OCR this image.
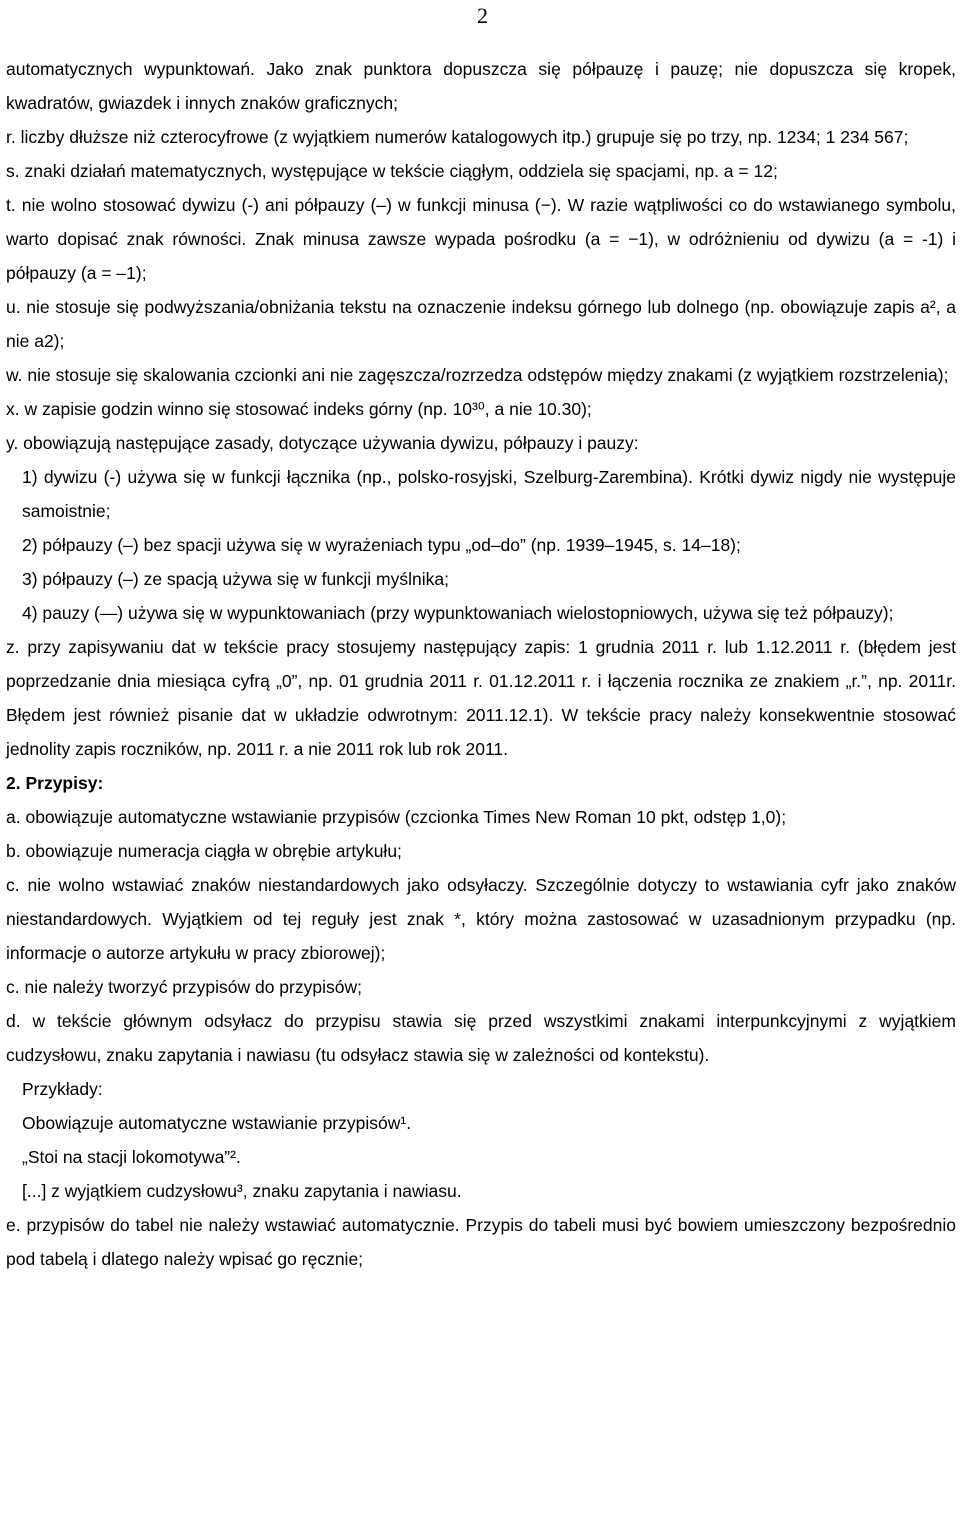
2

automatycznych wypunktowań. Jako znak punktora dopuszcza się półpauzę i pauzę; nie dopuszcza się kropek, kwadratów, gwiazdek i innych znaków graficznych;

r. liczby dłuższe niż czterocyfrowe (z wyjątkiem numerów katalogowych itp.) grupuje się po trzy, np. 1234; 1 234 567;

s. znaki działań matematycznych, występujące w tekście ciągłym, oddziela się spacjami, np. a = 12;

t. nie wolno stosować dywizu (-) ani półpauzy (–) w funkcji minusa (−). W razie wątpliwości co do wstawianego symbolu, warto dopisać znak równości. Znak minusa zawsze wypada pośrodku (a = −1), w odróżnieniu od dywizu (a = -1) i półpauzy (a = –1);

u. nie stosuje się podwyższania/obniżania tekstu na oznaczenie indeksu górnego lub dolnego (np. obowiązuje zapis a², a nie a2);

w. nie stosuje się skalowania czcionki ani nie zagęszcza/rozrzedza odstępów między znakami (z wyjątkiem rozstrzelenia);

x. w zapisie godzin winno się stosować indeks górny (np. 10³⁰, a nie 10.30);

y. obowiązują następujące zasady, dotyczące używania dywizu, półpauzy i pauzy:

1) dywizu (-) używa się w funkcji łącznika (np., polsko-rosyjski, Szelburg-Zarembina). Krótki dywiz nigdy nie występuje samoistnie;

2) półpauzy (–) bez spacji używa się w wyrażeniach typu „od–do” (np. 1939–1945, s. 14–18);

3) półpauzy (–) ze spacją używa się w funkcji myślnika;

4) pauzy (—) używa się w wypunktowaniach (przy wypunktowaniach wielostopniowych, używa się też półpauzy);

z. przy zapisywaniu dat w tekście pracy stosujemy następujący zapis: 1 grudnia 2011 r. lub 1.12.2011 r. (błędem jest poprzedzanie dnia miesiąca cyfrą „0”, np. 01 grudnia 2011 r. 01.12.2011 r. i łączenia rocznika ze znakiem „r.”, np. 2011r. Błędem jest również pisanie dat w układzie odwrotnym: 2011.12.1). W tekście pracy należy konsekwentnie stosować jednolity zapis roczników, np. 2011 r. a nie 2011 rok lub rok 2011.

2. Przypisy:

a. obowiązuje automatyczne wstawianie przypisów (czcionka Times New Roman 10 pkt, odstęp 1,0);

b. obowiązuje numeracja ciągła w obrębie artykułu;

c. nie wolno wstawiać znaków niestandardowych jako odsyłaczy. Szczególnie dotyczy to wstawiania cyfr jako znaków niestandardowych. Wyjątkiem od tej reguły jest znak *, który można zastosować w uzasadnionym przypadku (np. informacje o autorze artykułu w pracy zbiorowej);

c. nie należy tworzyć przypisów do przypisów;

d. w tekście głównym odsyłacz do przypisu stawia się przed wszystkimi znakami interpunkcyjnymi z wyjątkiem cudzysłowu, znaku zapytania i nawiasu (tu odsyłacz stawia się w zależności od kontekstu).

Przykłady:

Obowiązuje automatyczne wstawianie przypisów¹.

„Stoi na stacji lokomotywa”².

[...] z wyjątkiem cudzysłowu³, znaku zapytania i nawiasu.

e. przypisów do tabel nie należy wstawiać automatycznie. Przypis do tabeli musi być bowiem umieszczony bezpośrednio pod tabelą i dlatego należy wpisać go ręcznie;
